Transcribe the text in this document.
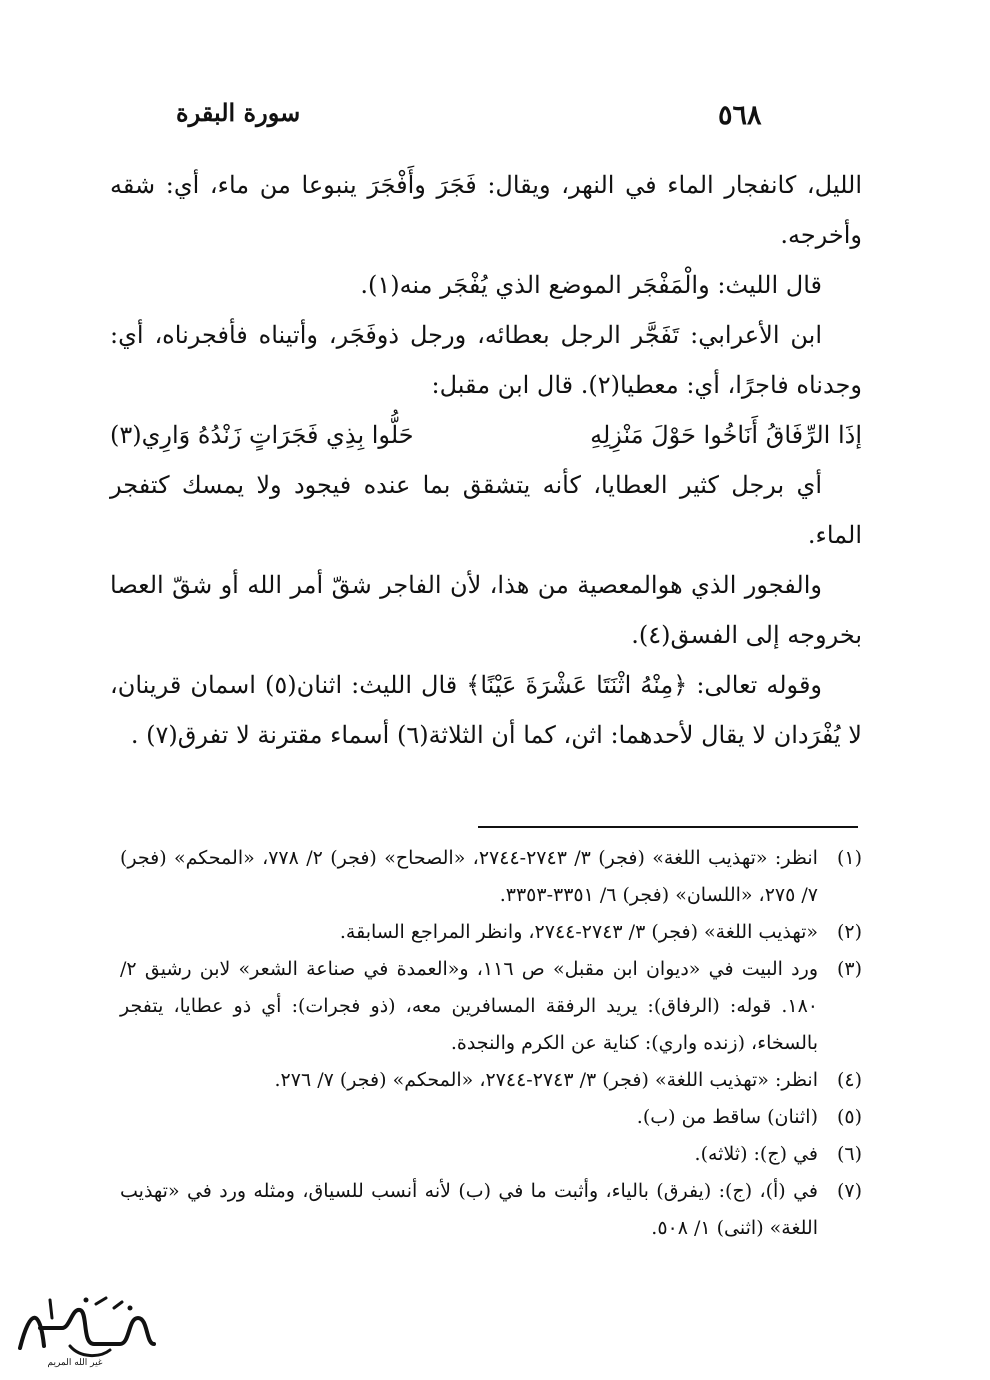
٥٦٨
سورة البقرة

الليل، كانفجار الماء في النهر، ويقال: فَجَرَ وأَفْجَرَ ينبوعا من ماء، أي: شقه وأخرجه.

قال الليث: والْمَفْجَر الموضع الذي يُفْجَر منه(١).

ابن الأعرابي: تَفَجَّر الرجل بعطائه، ورجل ذوفَجَر، وأتيناه فأفجرناه، أي: وجدناه فاجرًا، أي: معطيا(٢). قال ابن مقبل:

إذَا الرِّفَاقُ أَنَاخُوا حَوْلَ مَنْزِلِهِ
حَلُّوا بِذِي فَجَرَاتٍ زَنْدُهُ وَارِي(٣)

أي برجل كثير العطايا، كأنه يتشقق بما عنده فيجود ولا يمسك كتفجر الماء.

والفجور الذي هوالمعصية من هذا، لأن الفاجر شقّ أمر الله أو شقّ العصا بخروجه إلى الفسق(٤).

وقوله تعالى: ﴿مِنْهُ اثْنَتَا عَشْرَةَ عَيْنًا﴾ قال الليث: اثنان(٥) اسمان قرينان، لا يُفْرَدان لا يقال لأحدهما: اثن، كما أن الثلاثة(٦) أسماء مقترنة لا تفرق(٧) .

(١)
انظر: «تهذيب اللغة» (فجر) ٣/ ٢٧٤٣-٢٧٤٤، «الصحاح» (فجر) ٢/ ٧٧٨، «المحكم» (فجر) ٧/ ٢٧٥، «اللسان» (فجر) ٦/ ٣٣٥١-٣٣٥٣.
(٢)
«تهذيب اللغة» (فجر) ٣/ ٢٧٤٣-٢٧٤٤، وانظر المراجع السابقة.
(٣)
ورد البيت في «ديوان ابن مقبل» ص ١١٦، و«العمدة في صناعة الشعر» لابن رشيق ٢/ ١٨٠. قوله: (الرفاق): يريد الرفقة المسافرين معه، (ذو فجرات): أي ذو عطايا، يتفجر بالسخاء، (زنده واري): كناية عن الكرم والنجدة.
(٤)
انظر: «تهذيب اللغة» (فجر) ٣/ ٢٧٤٣-٢٧٤٤، «المحكم» (فجر) ٧/ ٢٧٦.
(٥)
(اثنان) ساقط من (ب).
(٦)
في (ج): (ثلاثه).
(٧)
في (أ)، (ج): (يفرق) بالياء، وأثبت ما في (ب) لأنه أنسب للسياق، ومثله ورد في «تهذيب اللغة» (اثنى) ١/ ٥٠٨.
غير الله المريم
